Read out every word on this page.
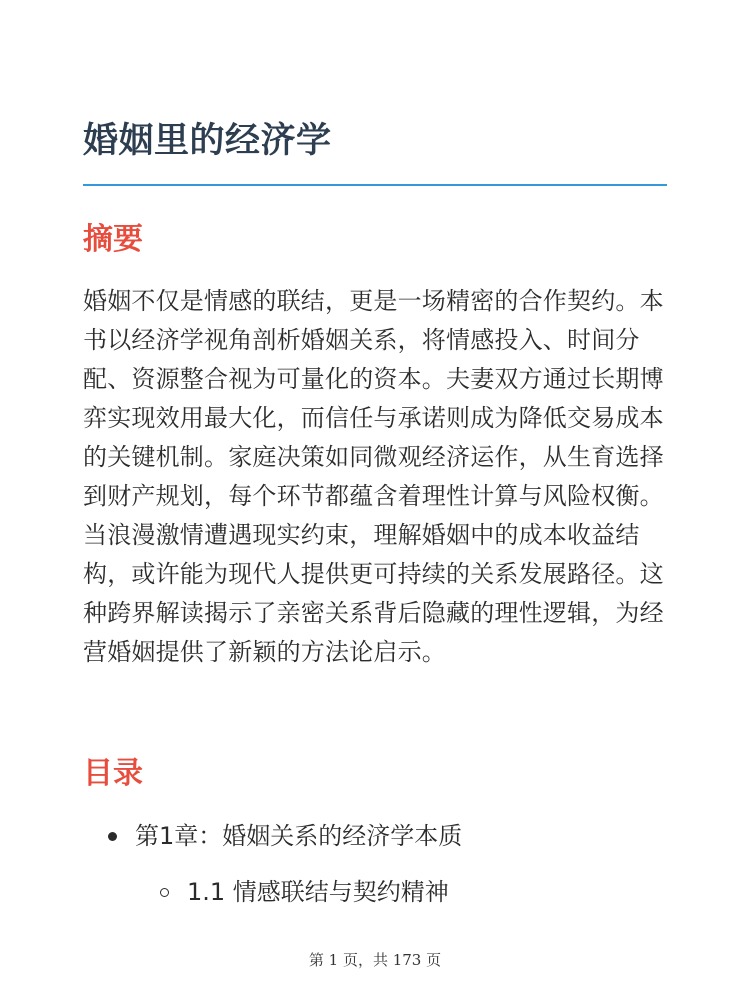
婚姻里的经济学
摘要

婚姻不仅是情感的联结，更是一场精密的合作契约。本书以经济学视角剖析婚姻关系，将情感投入、时间分配、资源整合视为可量化的资本。夫妻双方通过长期博弈实现效用最大化，而信任与承诺则成为降低交易成本的关键机制。家庭决策如同微观经济运作，从生育选择到财产规划，每个环节都蕴含着理性计算与风险权衡。当浪漫激情遭遇现实约束，理解婚姻中的成本收益结构，或许能为现代人提供更可持续的关系发展路径。这种跨界解读揭示了亲密关系背后隐藏的理性逻辑，为经营婚姻提供了新颖的方法论启示。

目录
第1章：婚姻关系的经济学本质
1.1 情感联结与契约精神
第 1 页，共 173 页
